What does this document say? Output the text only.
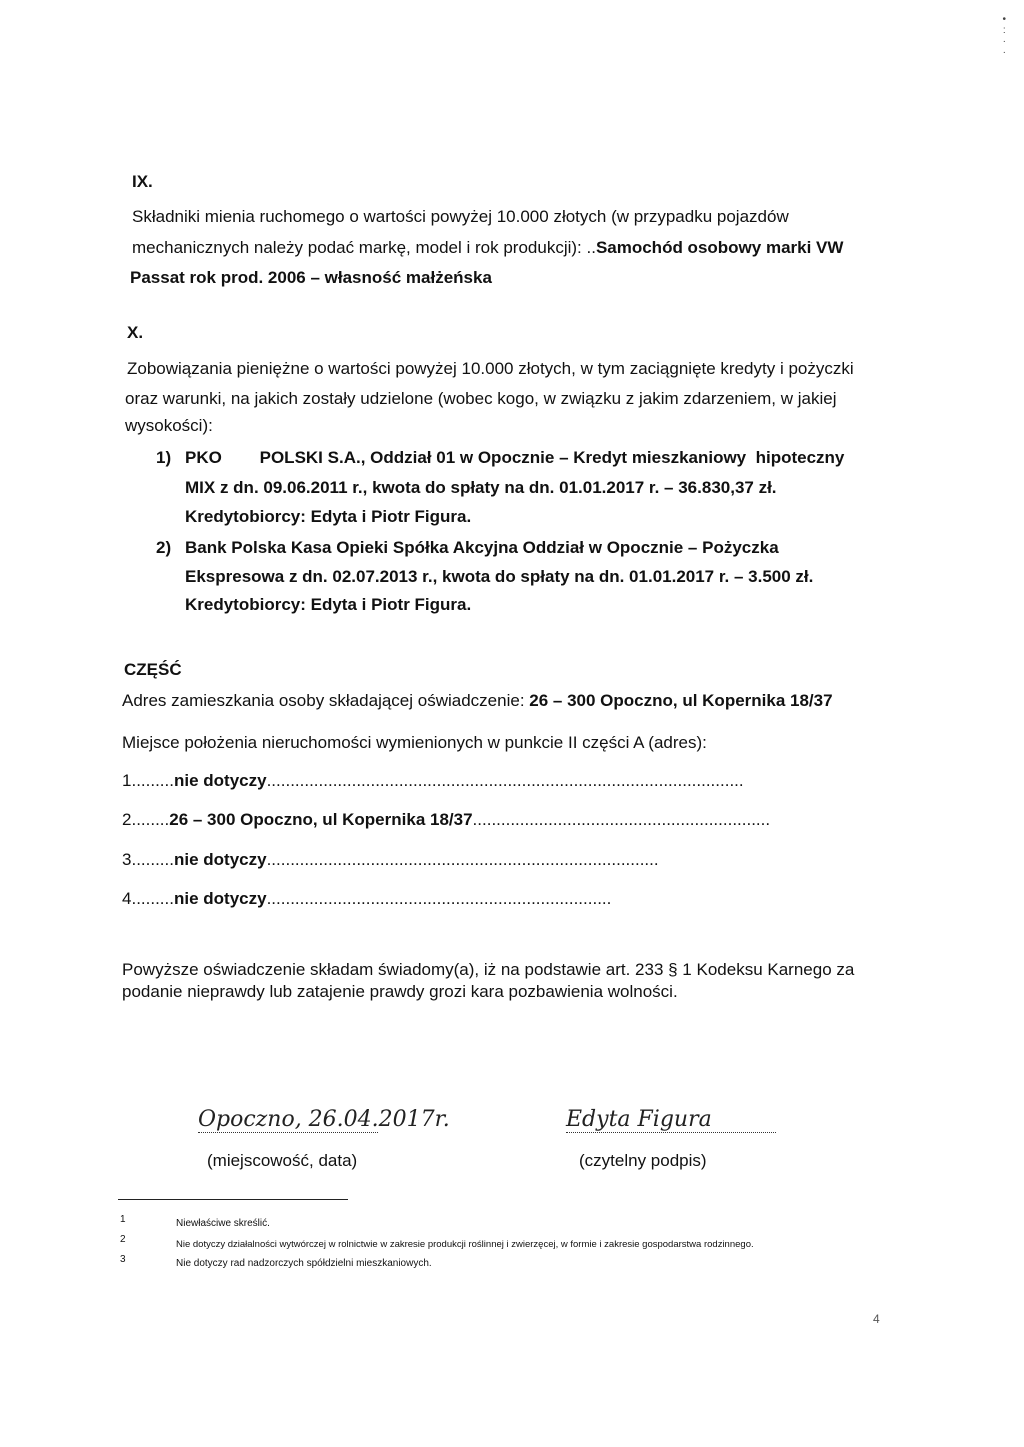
•
:
·
·
IX.
Składniki mienia ruchomego o wartości powyżej 10.000 złotych (w przypadku pojazdów
mechanicznych należy podać markę, model i rok produkcji): ..Samochód osobowy marki VW
Passat rok prod. 2006 – własność małżeńska
X.
Zobowiązania pieniężne o wartości powyżej 10.000 złotych, w tym zaciągnięte kredyty i pożyczki
oraz warunki, na jakich zostały udzielone (wobec kogo, w związku z jakim zdarzeniem, w jakiej
wysokości):
1) PKO        POLSKI S.A., Oddział 01 w Opocznie – Kredyt mieszkaniowy  hipoteczny
MIX z dn. 09.06.2011 r., kwota do spłaty na dn. 01.01.2017 r. – 36.830,37 zł.
Kredytobiorcy: Edyta i Piotr Figura.
2) Bank Polska Kasa Opieki Spółka Akcyjna Oddział w Opocznie – Pożyczka
Ekspresowa z dn. 02.07.2013 r., kwota do spłaty na dn. 01.01.2017 r. – 3.500 zł.
Kredytobiorcy: Edyta i Piotr Figura.
CZĘŚĆ
Adres zamieszkania osoby składającej oświadczenie: 26 – 300 Opoczno, ul Kopernika 18/37
Miejsce położenia nieruchomości wymienionych w punkcie II części A (adres):
1.........nie dotyczy.....................................................................................................
2........26 – 300 Opoczno, ul Kopernika 18/37...............................................................
3.........nie dotyczy...................................................................................
4.........nie dotyczy.........................................................................
Powyższe oświadczenie składam świadomy(a), iż na podstawie art. 233 § 1 Kodeksu Karnego za
podanie nieprawdy lub zatajenie prawdy grozi kara pozbawienia wolności.
Opoczno, 26.04.2017r.
(miejscowość, data)
Edyta Figura
(czytelny podpis)
1	Niewłaściwe skreślić.
2	Nie dotyczy działalności wytwórczej w rolnictwie w zakresie produkcji roślinnej i zwierzęcej, w formie i zakresie gospodarstwa rodzinnego.
3	Nie dotyczy rad nadzorczych spółdzielni mieszkaniowych.
4
